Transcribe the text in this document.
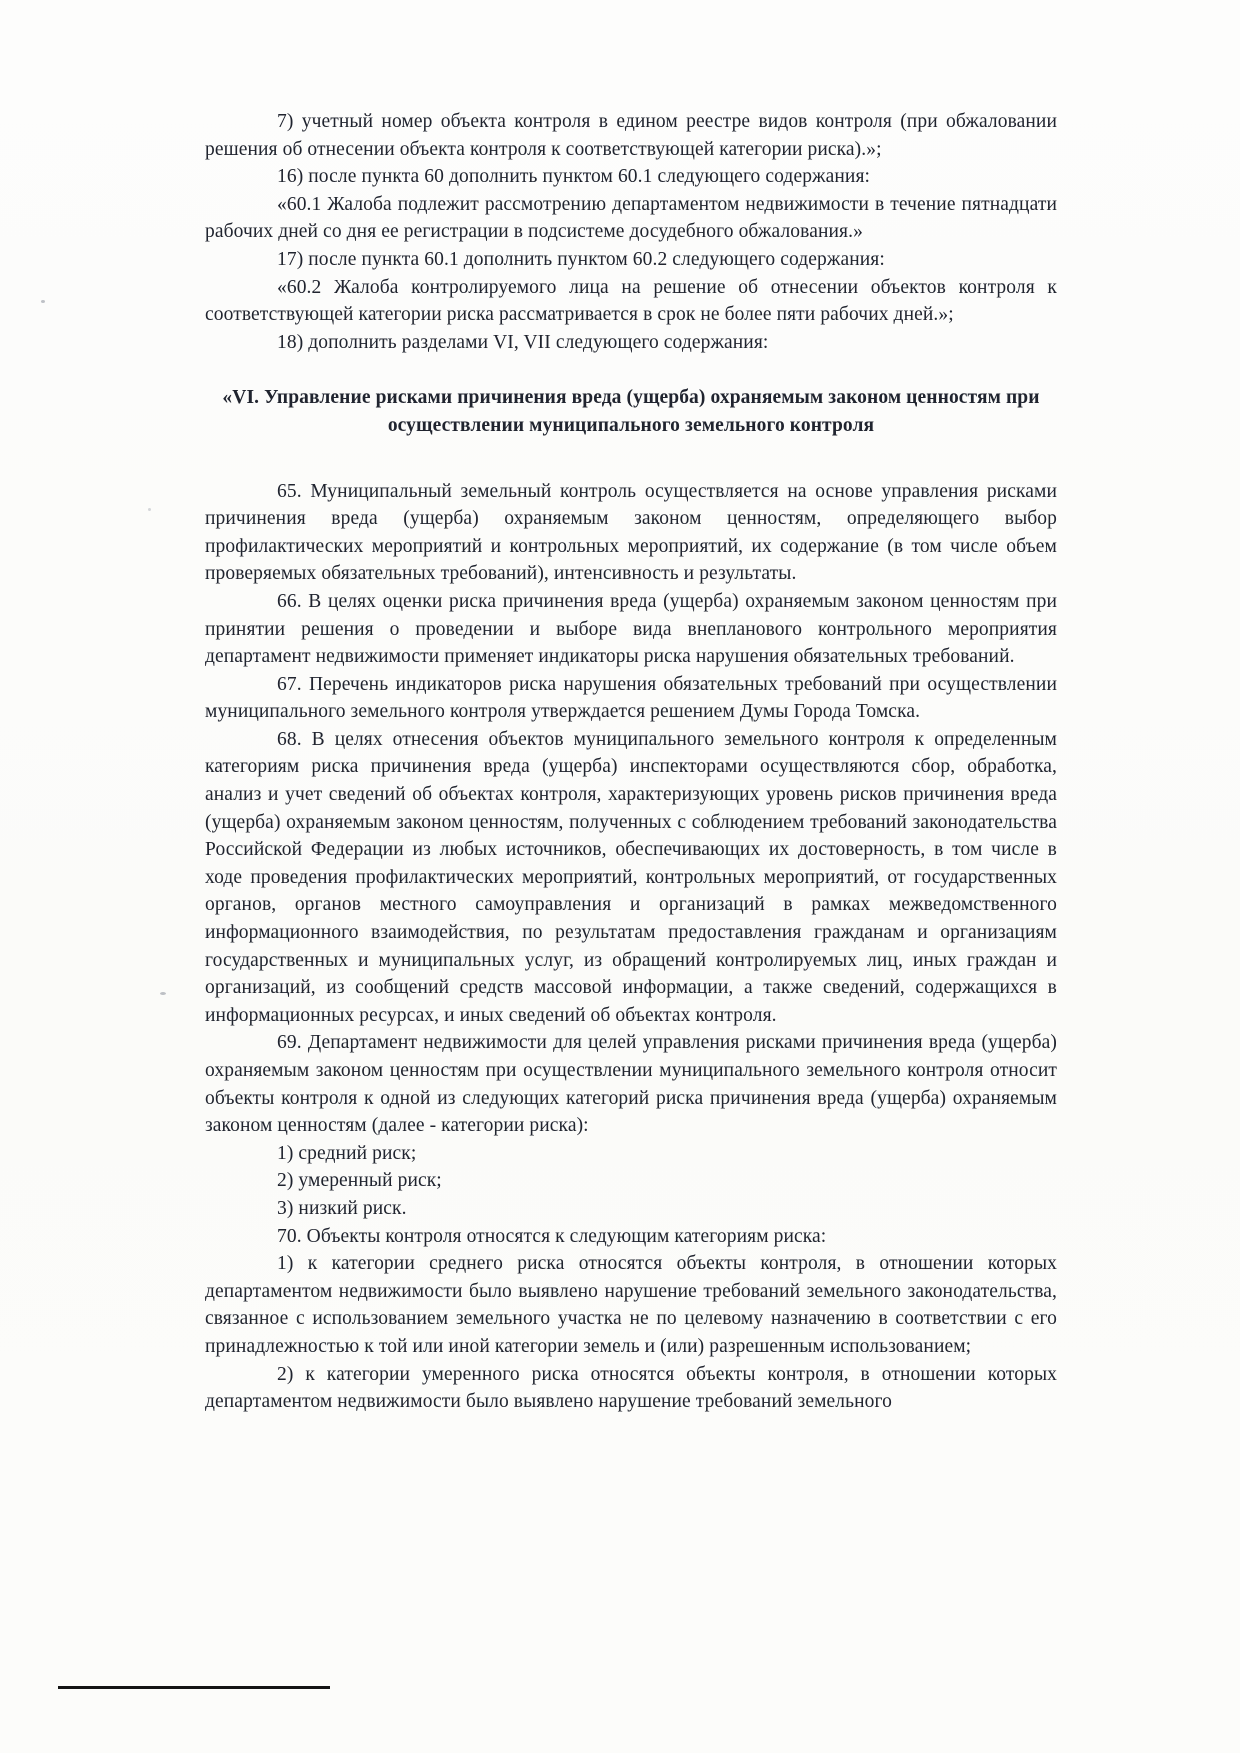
7) учетный номер объекта контроля в едином реестре видов контроля (при обжаловании решения об отнесении объекта контроля к соответствующей категории риска).»;

16) после пункта 60 дополнить пунктом 60.1 следующего содержания:

«60.1 Жалоба подлежит рассмотрению департаментом недвижимости в течение пятнадцати рабочих дней со дня ее регистрации в подсистеме досудебного обжалования.»

17) после пункта 60.1 дополнить пунктом 60.2 следующего содержания:

«60.2 Жалоба контролируемого лица на решение об отнесении объектов контроля к соответствующей категории риска рассматривается в срок не более пяти рабочих дней.»;

18) дополнить разделами VI, VII следующего содержания:

«VI. Управление рисками причинения вреда (ущерба) охраняемым законом ценностям при осуществлении муниципального земельного контроля

65. Муниципальный земельный контроль осуществляется на основе управления рисками причинения вреда (ущерба) охраняемым законом ценностям, определяющего выбор профилактических мероприятий и контрольных мероприятий, их содержание (в том числе объем проверяемых обязательных требований), интенсивность и результаты.

66. В целях оценки риска причинения вреда (ущерба) охраняемым законом ценностям при принятии решения о проведении и выборе вида внепланового контрольного мероприятия департамент недвижимости применяет индикаторы риска нарушения обязательных требований.

67. Перечень индикаторов риска нарушения обязательных требований при осуществлении муниципального земельного контроля утверждается решением Думы Города Томска.

68. В целях отнесения объектов муниципального земельного контроля к определенным категориям риска причинения вреда (ущерба) инспекторами осуществляются сбор, обработка, анализ и учет сведений об объектах контроля, характеризующих уровень рисков причинения вреда (ущерба) охраняемым законом ценностям, полученных с соблюдением требований законодательства Российской Федерации из любых источников, обеспечивающих их достоверность, в том числе в ходе проведения профилактических мероприятий, контрольных мероприятий, от государственных органов, органов местного самоуправления и организаций в рамках межведомственного информационного взаимодействия, по результатам предоставления гражданам и организациям государственных и муниципальных услуг, из обращений контролируемых лиц, иных граждан и организаций, из сообщений средств массовой информации, а также сведений, содержащихся в информационных ресурсах, и иных сведений об объектах контроля.

69. Департамент недвижимости для целей управления рисками причинения вреда (ущерба) охраняемым законом ценностям при осуществлении муниципального земельного контроля относит объекты контроля к одной из следующих категорий риска причинения вреда (ущерба) охраняемым законом ценностям (далее - категории риска):

1) средний риск;

2) умеренный риск;

3) низкий риск.

70. Объекты контроля относятся к следующим категориям риска:

1) к категории среднего риска относятся объекты контроля, в отношении которых департаментом недвижимости было выявлено нарушение требований земельного законодательства, связанное с использованием земельного участка не по целевому назначению в соответствии с его принадлежностью к той или иной категории земель и (или) разрешенным использованием;

2) к категории умеренного риска относятся объекты контроля, в отношении которых департаментом недвижимости было выявлено нарушение требований земельного
